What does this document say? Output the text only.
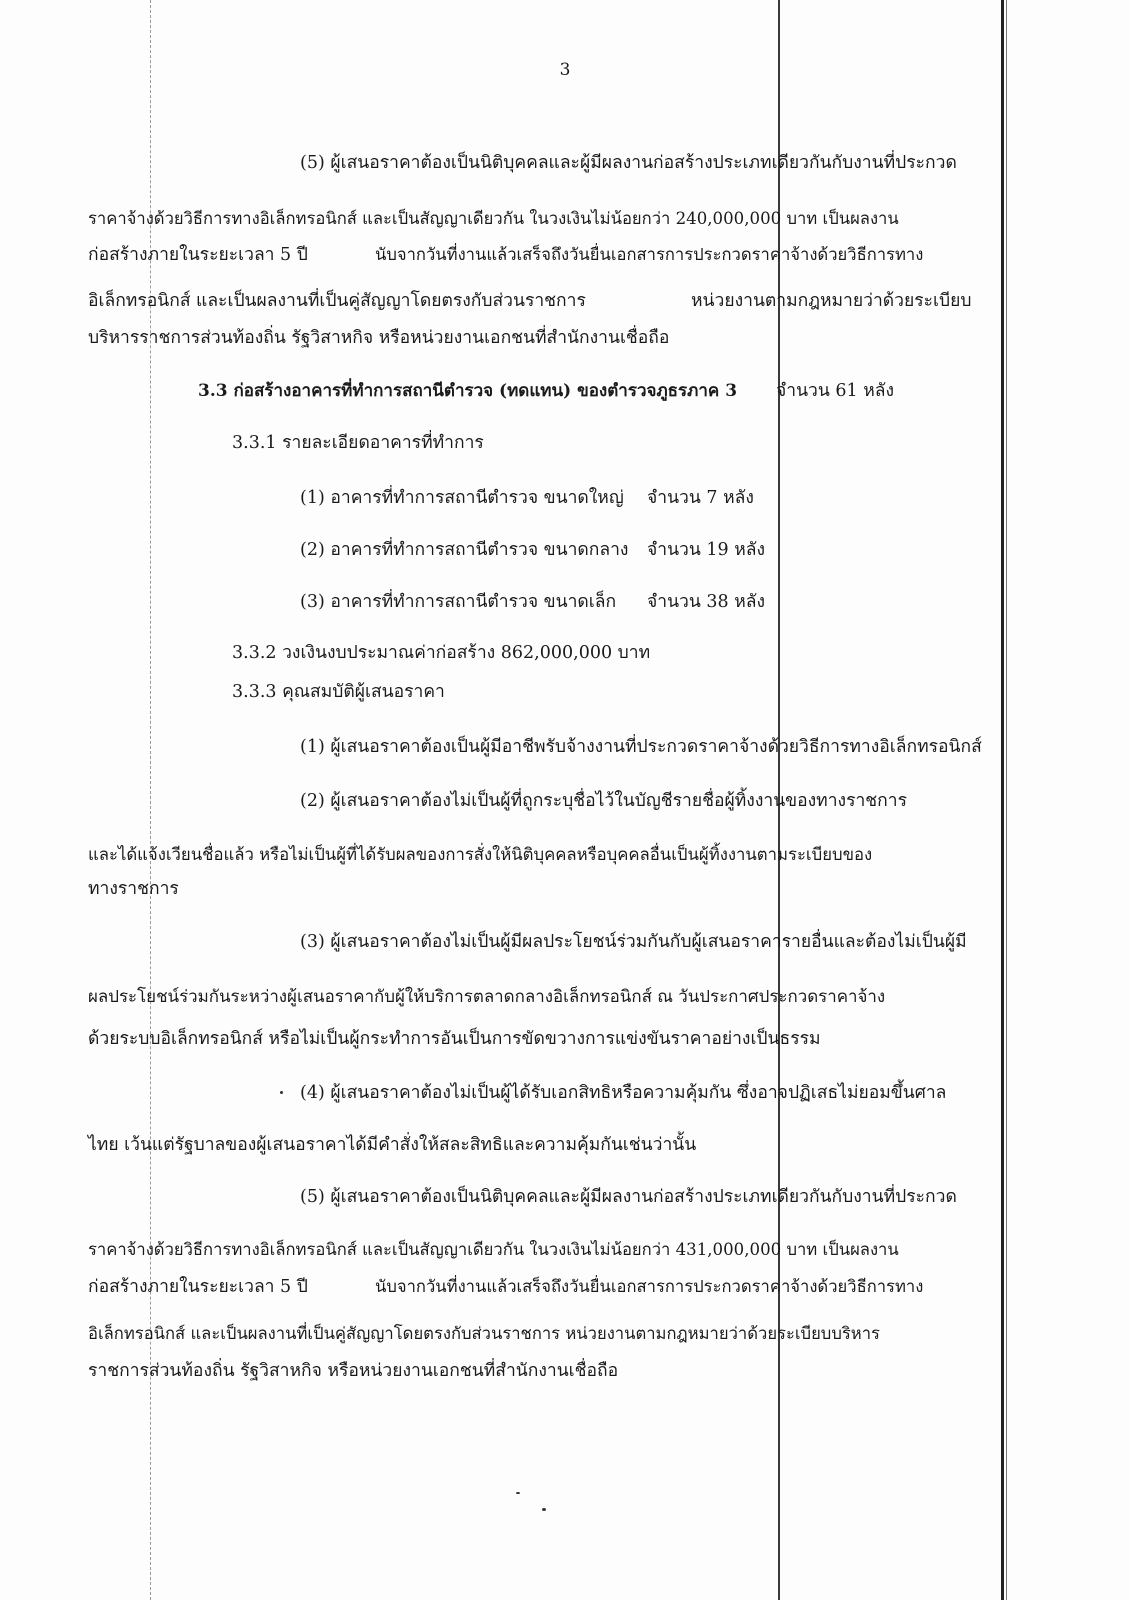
3
(5) ผู้เสนอราคาต้องเป็นนิติบุคคลและผู้มีผลงานก่อสร้างประเภทเดียวกันกับงานที่ประกวด
ราคาจ้างด้วยวิธีการทางอิเล็กทรอนิกส์ และเป็นสัญญาเดียวกัน ในวงเงินไม่น้อยกว่า 240,000,000 บาท เป็นผลงาน
ก่อสร้างภายในระยะเวลา 5 ปี	นับจากวันที่งานแล้วเสร็จถึงวันยื่นเอกสารการประกวดราคาจ้างด้วยวิธีการทาง
อิเล็กทรอนิกส์ และเป็นผลงานที่เป็นคู่สัญญาโดยตรงกับส่วนราชการ	หน่วยงานตามกฎหมายว่าด้วยระเบียบ
บริหารราชการส่วนท้องถิ่น รัฐวิสาหกิจ หรือหน่วยงานเอกชนที่สำนักงานเชื่อถือ
3.3 ก่อสร้างอาคารที่ทำการสถานีตำรวจ (ทดแทน) ของตำรวจภูธรภาค 3 จำนวน 61 หลัง
3.3.1 รายละเอียดอาคารที่ทำการ
(1) อาคารที่ทำการสถานีตำรวจ ขนาดใหญ่ จำนวน 7 หลัง
(2) อาคารที่ทำการสถานีตำรวจ ขนาดกลาง จำนวน 19 หลัง
(3) อาคารที่ทำการสถานีตำรวจ ขนาดเล็ก จำนวน 38 หลัง
3.3.2 วงเงินงบประมาณค่าก่อสร้าง 862,000,000 บาท
3.3.3 คุณสมบัติผู้เสนอราคา
(1) ผู้เสนอราคาต้องเป็นผู้มีอาชีพรับจ้างงานที่ประกวดราคาจ้างด้วยวิธีการทางอิเล็กทรอนิกส์
(2) ผู้เสนอราคาต้องไม่เป็นผู้ที่ถูกระบุชื่อไว้ในบัญชีรายชื่อผู้ทิ้งงานของทางราชการ
และได้แจ้งเวียนชื่อแล้ว หรือไม่เป็นผู้ที่ได้รับผลของการสั่งให้นิติบุคคลหรือบุคคลอื่นเป็นผู้ทิ้งงานตามระเบียบของ
ทางราชการ
(3) ผู้เสนอราคาต้องไม่เป็นผู้มีผลประโยชน์ร่วมกันกับผู้เสนอราคารายอื่นและต้องไม่เป็นผู้มี
ผลประโยชน์ร่วมกันระหว่างผู้เสนอราคากับผู้ให้บริการตลาดกลางอิเล็กทรอนิกส์ ณ วันประกาศประกวดราคาจ้าง
ด้วยระบบอิเล็กทรอนิกส์ หรือไม่เป็นผู้กระทำการอันเป็นการขัดขวางการแข่งขันราคาอย่างเป็นธรรม
(4) ผู้เสนอราคาต้องไม่เป็นผู้ได้รับเอกสิทธิหรือความคุ้มกัน ซึ่งอาจปฏิเสธไม่ยอมขึ้นศาล
ไทย เว้นแต่รัฐบาลของผู้เสนอราคาได้มีคำสั่งให้สละสิทธิและความคุ้มกันเช่นว่านั้น
(5) ผู้เสนอราคาต้องเป็นนิติบุคคลและผู้มีผลงานก่อสร้างประเภทเดียวกันกับงานที่ประกวด
ราคาจ้างด้วยวิธีการทางอิเล็กทรอนิกส์ และเป็นสัญญาเดียวกัน ในวงเงินไม่น้อยกว่า 431,000,000 บาท เป็นผลงาน
ก่อสร้างภายในระยะเวลา 5 ปี	นับจากวันที่งานแล้วเสร็จถึงวันยื่นเอกสารการประกวดราคาจ้างด้วยวิธีการทาง
อิเล็กทรอนิกส์ และเป็นผลงานที่เป็นคู่สัญญาโดยตรงกับส่วนราชการ หน่วยงานตามกฎหมายว่าด้วยระเบียบบริหาร
ราชการส่วนท้องถิ่น รัฐวิสาหกิจ หรือหน่วยงานเอกชนที่สำนักงานเชื่อถือ
